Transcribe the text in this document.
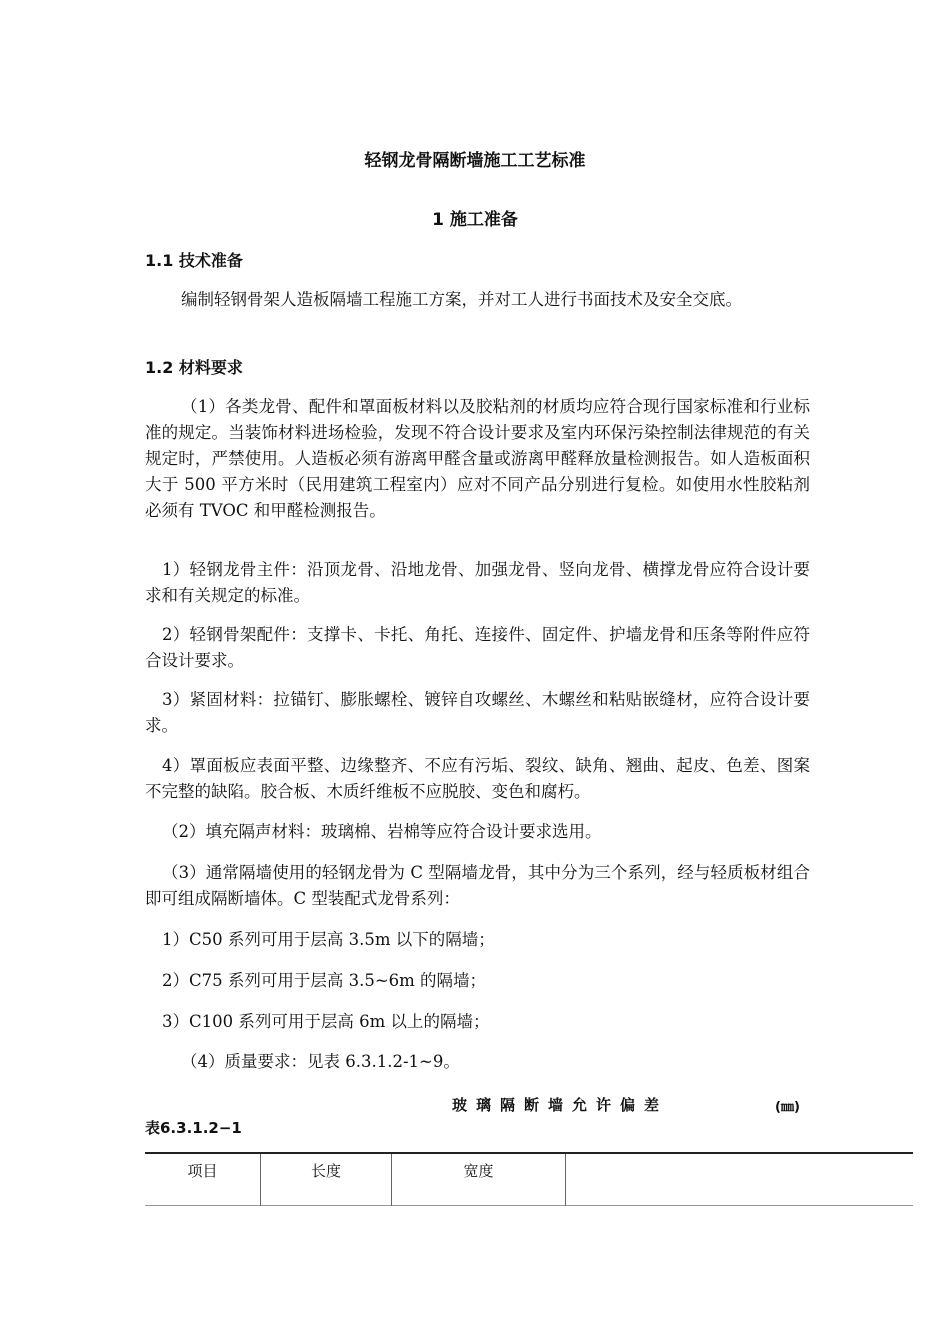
轻钢龙骨隔断墙施工工艺标准
1 施工准备
1.1 技术准备
编制轻钢骨架人造板隔墙工程施工方案，并对工人进行书面技术及安全交底。
1.2 材料要求
（1）各类龙骨、配件和罩面板材料以及胶粘剂的材质均应符合现行国家标准和行业标准的规定。当装饰材料进场检验，发现不符合设计要求及室内环保污染控制法律规范的有关规定时，严禁使用。人造板必须有游离甲醛含量或游离甲醛释放量检测报告。如人造板面积大于 500 平方米时（民用建筑工程室内）应对不同产品分别进行复检。如使用水性胶粘剂必须有 TVOC 和甲醛检测报告。
1）轻钢龙骨主件：沿顶龙骨、沿地龙骨、加强龙骨、竖向龙骨、横撑龙骨应符合设计要求和有关规定的标准。
2）轻钢骨架配件：支撑卡、卡托、角托、连接件、固定件、护墙龙骨和压条等附件应符合设计要求。
3）紧固材料：拉锚钉、膨胀螺栓、镀锌自攻螺丝、木螺丝和粘贴嵌缝材，应符合设计要求。
4）罩面板应表面平整、边缘整齐、不应有污垢、裂纹、缺角、翘曲、起皮、色差、图案不完整的缺陷。胶合板、木质纤维板不应脱胶、变色和腐朽。
（2）填充隔声材料：玻璃棉、岩棉等应符合设计要求选用。
（3）通常隔墙使用的轻钢龙骨为 C 型隔墙龙骨，其中分为三个系列，经与轻质板材组合即可组成隔断墙体。C 型装配式龙骨系列：
1）C50 系列可用于层高 3.5m 以下的隔墙；
2）C75 系列可用于层高 3.5~6m 的隔墙；
3）C100 系列可用于层高 6m 以上的隔墙；
（4）质量要求：见表 6.3.1.2-1~9。
玻璃隔断墙允许偏差	(㎜)
表6.3.1.2−1
项目	长度	宽度	
